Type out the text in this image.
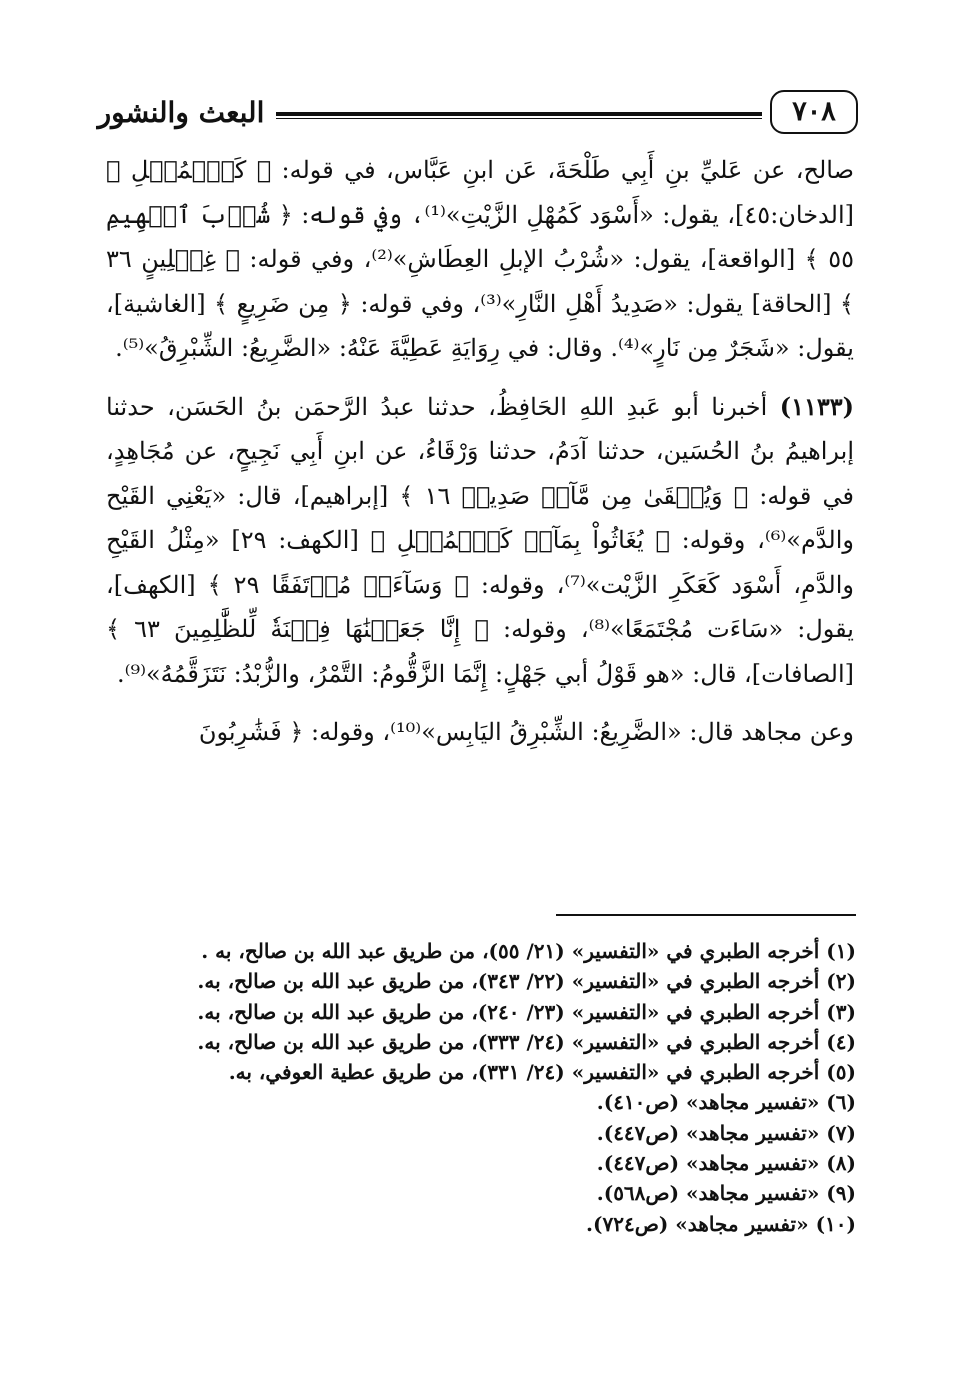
٧٠٨
البعث والنشور

صالح، عن عَليِّ بنِ أَبِي طَلْحَةَ، عَن ابنِ عَبَّاس، في قوله: ﴿ كَٱلۡمُهۡلِ ﴾ [الدخان:٤٥]، يقول: «أَسْوَد كَمُهْلِ الزَّيْتِ»⁽¹⁾، وفي قوله: ﴿ شُرۡبَ ٱلۡهِيمِ ٥٥ ﴾ [الواقعة]، يقول: «شُرْبُ الإبلِ العِطَاشِ»⁽²⁾، وفي قوله: ﴿ غِسۡلِينٍ ٣٦ ﴾ [الحاقة] يقول: «صَدِيدُ أَهْلِ النَّارِ»⁽³⁾، وفي قوله: ﴿ مِن ضَرِيعٍ ﴾ [الغاشية]، يقول: «شَجَرٌ مِن نَارٍ»⁽⁴⁾. وقال: في رِوَايَةِ عَطِيَّةَ عَنْهُ: «الضَّرِيعُ: الشِّبْرِقُ»⁽⁵⁾.

(١١٣٣) أخبرنا أبو عَبدِ اللهِ الحَافِظُ، حدثنا عبدُ الرَّحمَن بنُ الحَسَن، حدثنا إبراهيمُ بنُ الحُسَين، حدثنا آدَمُ، حدثنا وَرْقَاءُ، عن ابنِ أَبِي نَجِيحٍ، عن مُجَاهِدٍ، في قوله: ﴿ وَيُسۡقَىٰ مِن مَّآءٖ صَدِيدٖ ١٦ ﴾ [إبراهيم]، قال: «يَعْنِي القَيْح والدَّم»⁽⁶⁾، وقوله: ﴿ يُغَاثُواْ بِمَآءٖ كَٱلۡمُهۡلِ ﴾ [الكهف: ٢٩] «مِثْلُ القَيْحِ والدَّمِ، أَسْوَد كَعَكَرِ الزَّيْت»⁽⁷⁾، وقوله: ﴿ وَسَآءَتۡ مُرۡتَفَقًا ٢٩ ﴾ [الكهف]، يقول: «سَاءَت مُجْتَمَعًا»⁽⁸⁾، وقوله: ﴿ إِنَّا جَعَلۡنَٰهَا فِتۡنَةٗ لِّلظَّٰلِمِينَ ٦٣ ﴾ [الصافات]، قال: «هو قَوْلُ أبي جَهْلٍ: إِنَّمَا الزَّقُّومُ: التَّمْرُ، والزُّبْدُ: نَتَزَقَّمُهُ»⁽⁹⁾.

وعن مجاهد قال: «الضَّرِيعُ: الشِّبْرِقُ اليَابِس»⁽¹⁰⁾، وقوله: ﴿ فَشَٰرِبُونَ

(١) أخرجه الطبري في «التفسير» (٢١/ ٥٥)، من طريق عبد الله بن صالح، به .
(٢) أخرجه الطبري في «التفسير» (٢٢/ ٣٤٣)، من طريق عبد الله بن صالح، به.
(٣) أخرجه الطبري في «التفسير» (٢٣/ ٢٤٠)، من طريق عبد الله بن صالح، به.
(٤) أخرجه الطبري في «التفسير» (٢٤/ ٣٣٣)، من طريق عبد الله بن صالح، به.
(٥) أخرجه الطبري في «التفسير» (٢٤/ ٣٣١)، من طريق عطية العوفي، به.
(٦) «تفسير مجاهد» (ص٤١٠).
(٧) «تفسير مجاهد» (ص٤٤٧).
(٨) «تفسير مجاهد» (ص٤٤٧).
(٩) «تفسير مجاهد» (ص٥٦٨).
(١٠) «تفسير مجاهد» (ص٧٢٤).
